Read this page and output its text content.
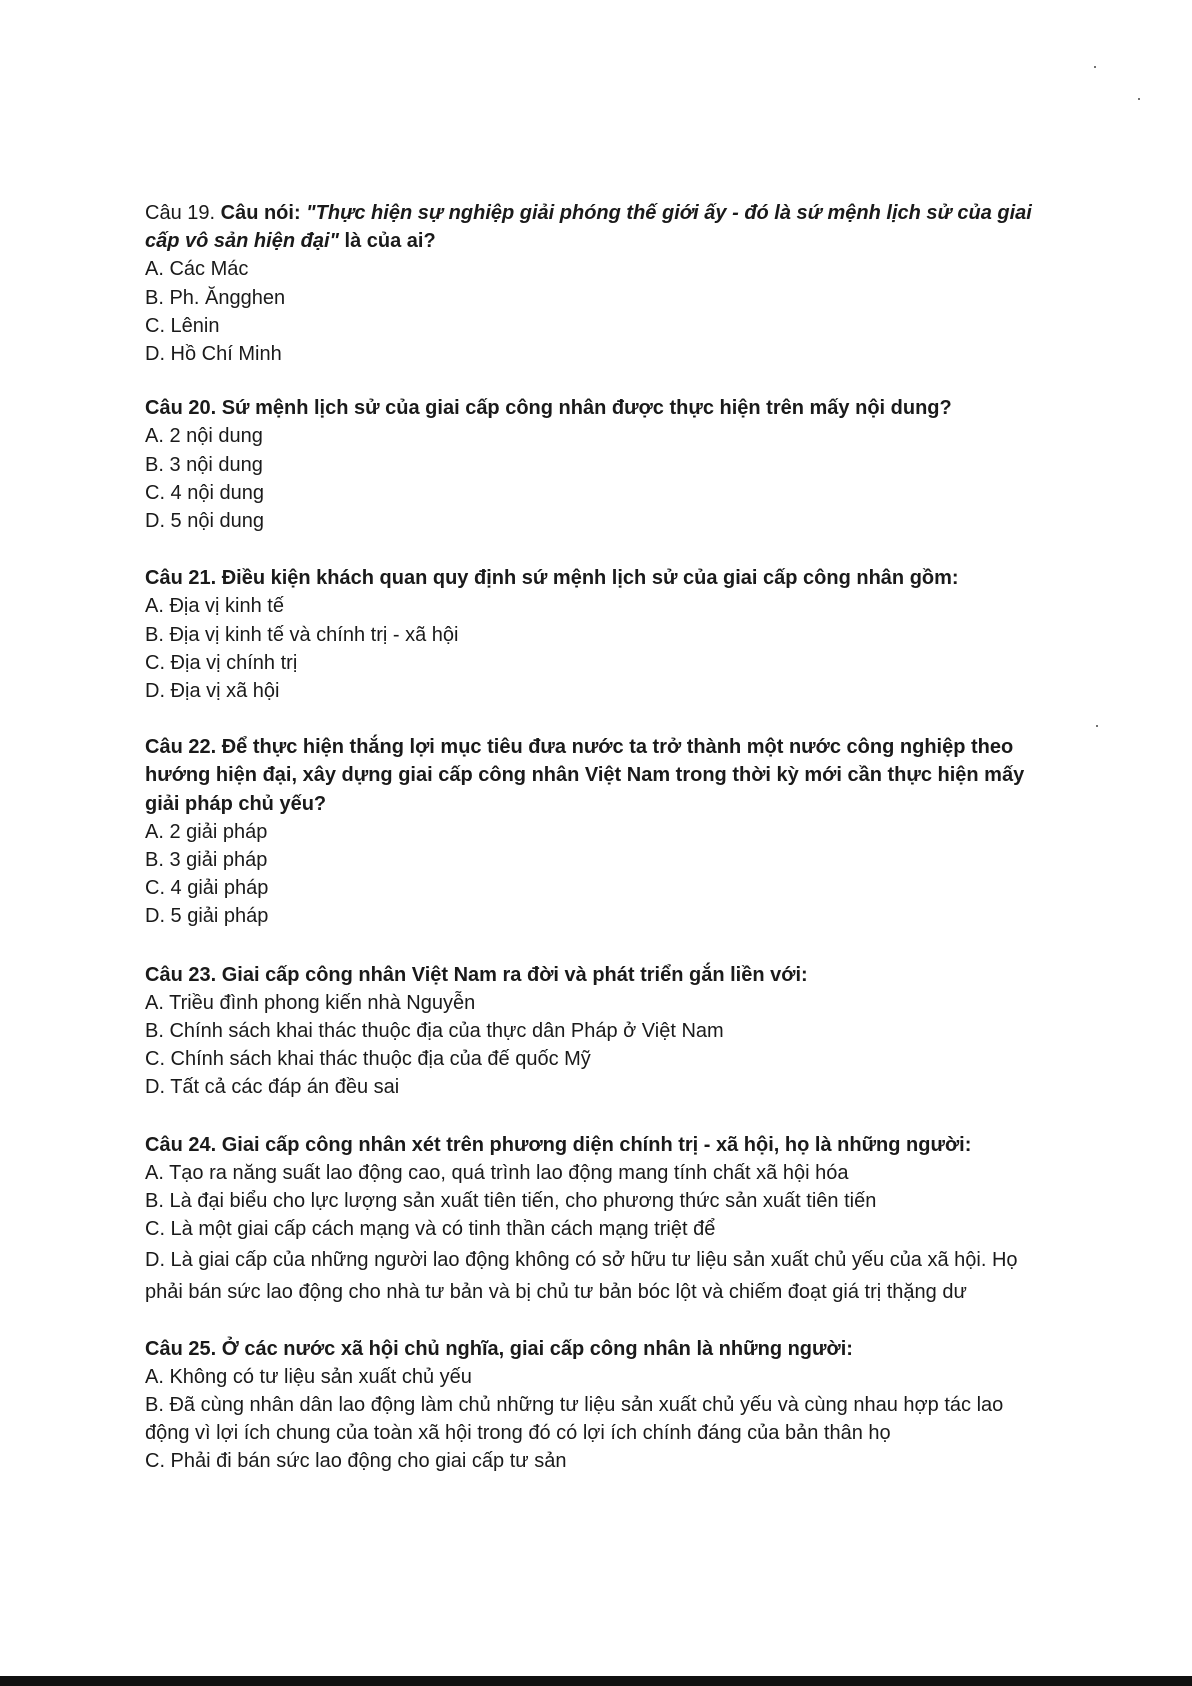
Câu 19. Câu nói: "Thực hiện sự nghiệp giải phóng thế giới ấy - đó là sứ mệnh lịch sử của giai cấp vô sản hiện đại" là của ai?

A. Các Mác

B. Ph. Ăngghen

C. Lênin

D. Hồ Chí Minh

Câu 20. Sứ mệnh lịch sử của giai cấp công nhân được thực hiện trên mấy nội dung?

A. 2 nội dung

B. 3 nội dung

C. 4 nội dung

D. 5 nội dung

Câu 21. Điều kiện khách quan quy định sứ mệnh lịch sử của giai cấp công nhân gồm:

A. Địa vị kinh tế

B. Địa vị kinh tế và chính trị - xã hội

C. Địa vị chính trị

D. Địa vị xã hội

Câu 22. Để thực hiện thắng lợi mục tiêu đưa nước ta trở thành một nước công nghiệp theo hướng hiện đại, xây dựng giai cấp công nhân Việt Nam trong thời kỳ mới cần thực hiện mấy giải pháp chủ yếu?

A. 2 giải pháp

B. 3 giải pháp

C. 4 giải pháp

D. 5 giải pháp

Câu 23. Giai cấp công nhân Việt Nam ra đời và phát triển gắn liền với:

A. Triều đình phong kiến nhà Nguyễn

B. Chính sách khai thác thuộc địa của thực dân Pháp ở Việt Nam

C. Chính sách khai thác thuộc địa của đế quốc Mỹ

D. Tất cả các đáp án đều sai

Câu 24. Giai cấp công nhân xét trên phương diện chính trị - xã hội, họ là những người:

A. Tạo ra năng suất lao động cao, quá trình lao động mang tính chất xã hội hóa

B. Là đại biểu cho lực lượng sản xuất tiên tiến, cho phương thức sản xuất tiên tiến

C. Là một giai cấp cách mạng và có tinh thần cách mạng triệt để

D. Là giai cấp của những người lao động không có sở hữu tư liệu sản xuất chủ yếu của xã hội. Họ phải bán sức lao động cho nhà tư bản và bị chủ tư bản bóc lột và chiếm đoạt giá trị thặng dư

Câu 25. Ở các nước xã hội chủ nghĩa, giai cấp công nhân là những người:

A. Không có tư liệu sản xuất chủ yếu

B. Đã cùng nhân dân lao động làm chủ những tư liệu sản xuất chủ yếu và cùng nhau hợp tác lao động vì lợi ích chung của toàn xã hội trong đó có lợi ích chính đáng của bản thân họ

C. Phải đi bán sức lao động cho giai cấp tư sản
